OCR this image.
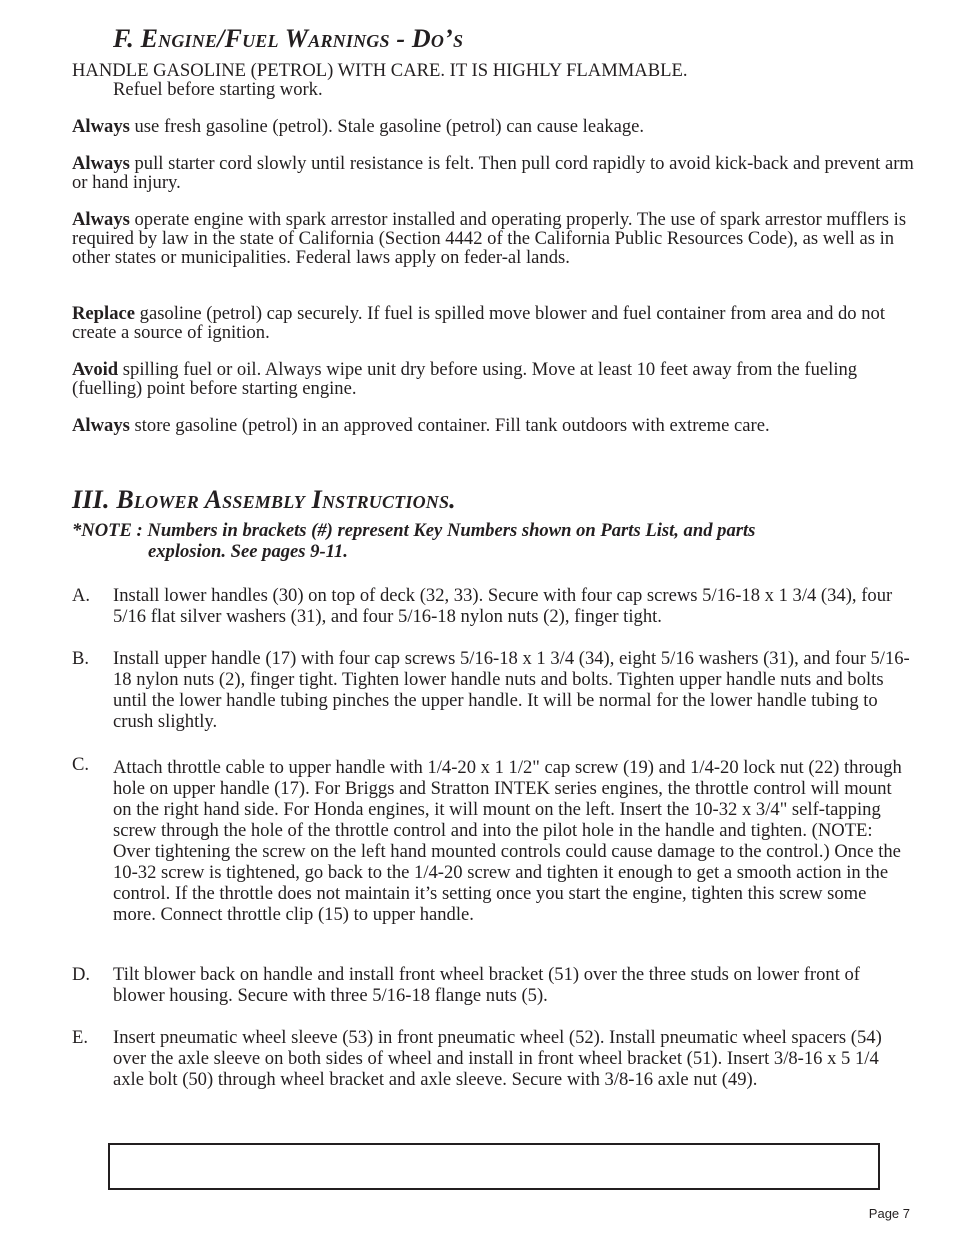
F. Engine/Fuel Warnings - Do’s

HANDLE GASOLINE (PETROL) WITH CARE. IT IS HIGHLY FLAMMABLE.
Refuel before starting work.

Always use fresh gasoline (petrol). Stale gasoline (petrol) can cause leakage.

Always pull starter cord slowly until resistance is felt. Then pull cord rapidly to avoid kick-back and prevent arm or hand injury.

Always operate engine with spark arrestor installed and operating properly. The use of spark arrestor mufflers is required by law in the state of California (Section 4442 of the California Public Resources Code), as well as in other states or municipalities. Federal laws apply on feder-al lands.

Replace gasoline (petrol) cap securely. If fuel is spilled move blower and fuel container from area and do not create a source of ignition.

Avoid spilling fuel or oil. Always wipe unit dry before using. Move at least 10 feet away from the fueling (fuelling) point before starting engine.

Always store gasoline (petrol) in an approved container. Fill tank outdoors with extreme care.

III. Blower Assembly Instructions.

*NOTE : Numbers in brackets (#) represent Key Numbers shown on Parts List, and parts
explosion. See pages 9-11.

A. Install lower handles (30) on top of deck (32, 33). Secure with four cap screws 5/16-18 x 1 3/4 (34), four 5/16 flat silver washers (31), and four 5/16-18 nylon nuts (2), finger tight.
B. Install upper handle (17) with four cap screws 5/16-18 x 1 3/4 (34), eight 5/16 washers (31), and four 5/16-18 nylon nuts (2), finger tight. Tighten lower handle nuts and bolts. Tighten upper handle nuts and bolts until the lower handle tubing pinches the upper handle. It will be normal for the lower handle tubing to crush slightly.
C. Attach throttle cable to upper handle with 1/4-20 x 1 1/2" cap screw (19) and 1/4-20 lock nut (22) through hole on upper handle (17). For Briggs and Stratton INTEK series engines, the throttle control will mount on the right hand side. For Honda engines, it will mount on the left. Insert the 10-32 x 3/4" self-tapping screw through the hole of the throttle control and into the pilot hole in the handle and tighten. (NOTE: Over tightening the screw on the left hand mounted controls could cause damage to the control.) Once the 10-32 screw is tightened, go back to the 1/4-20 screw and tighten it enough to get a smooth action in the control. If the throttle does not maintain it’s setting once you start the engine, tighten this screw some more. Connect throttle clip (15) to upper handle.
D. Tilt blower back on handle and install front wheel bracket (51) over the three studs on lower front of blower housing. Secure with three 5/16-18 flange nuts (5).
E. Insert pneumatic wheel sleeve (53) in front pneumatic wheel (52). Install pneumatic wheel spacers (54) over the axle sleeve on both sides of wheel and install in front wheel bracket (51). Insert 3/8-16 x 5 1/4 axle bolt (50) through wheel bracket and axle sleeve. Secure with 3/8-16 axle nut (49).
Page 7
